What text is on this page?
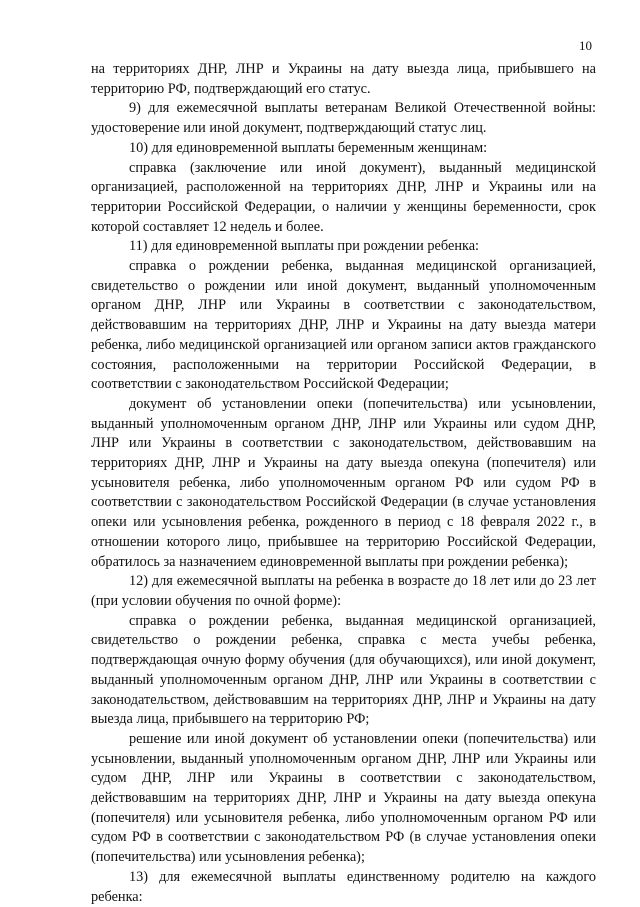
10

на территориях ДНР, ЛНР и Украины на дату выезда лица, прибывшего на территорию РФ, подтверждающий его статус.

9) для ежемесячной выплаты ветеранам Великой Отечественной войны: удостоверение или иной документ, подтверждающий статус лиц.

10) для единовременной выплаты беременным женщинам:

справка (заключение или иной документ), выданный медицинской организацией, расположенной на территориях ДНР, ЛНР и Украины или на территории Российской Федерации, о наличии у женщины беременности, срок которой составляет 12 недель и более.

11) для единовременной выплаты при рождении ребенка:

справка о рождении ребенка, выданная медицинской организацией, свидетельство о рождении или иной документ, выданный уполномоченным органом ДНР, ЛНР или Украины в соответствии с законодательством, действовавшим на территориях ДНР, ЛНР и Украины на дату выезда матери ребенка, либо медицинской организацией или органом записи актов гражданского состояния, расположенными на территории Российской Федерации, в соответствии с законодательством Российской Федерации;

документ об установлении опеки (попечительства) или усыновлении, выданный уполномоченным органом ДНР, ЛНР или Украины или судом ДНР, ЛНР или Украины в соответствии с законодательством, действовавшим на территориях ДНР, ЛНР и Украины на дату выезда опекуна (попечителя) или усыновителя ребенка, либо уполномоченным органом РФ или судом РФ в соответствии с законодательством Российской Федерации (в случае установления опеки или усыновления ребенка, рожденного в период с 18 февраля 2022 г., в отношении которого лицо, прибывшее на территорию Российской Федерации, обратилось за назначением единовременной выплаты при рождении ребенка);

12) для ежемесячной выплаты на ребенка в возрасте до 18 лет или до 23 лет (при условии обучения по очной форме):

справка о рождении ребенка, выданная медицинской организацией, свидетельство о рождении ребенка, справка с места учебы ребенка, подтверждающая очную форму обучения (для обучающихся), или иной документ, выданный уполномоченным органом ДНР, ЛНР или Украины в соответствии с законодательством, действовавшим на территориях ДНР, ЛНР и Украины на дату выезда лица, прибывшего на территорию РФ;

решение или иной документ об установлении опеки (попечительства) или усыновлении, выданный уполномоченным органом ДНР, ЛНР или Украины или судом ДНР, ЛНР или Украины в соответствии с законодательством, действовавшим на территориях ДНР, ЛНР и Украины на дату выезда опекуна (попечителя) или усыновителя ребенка, либо уполномоченным органом РФ или судом РФ в соответствии с законодательством РФ (в случае установления опеки (попечительства) или усыновления ребенка);

13) для ежемесячной выплаты единственному родителю на каждого ребенка:
